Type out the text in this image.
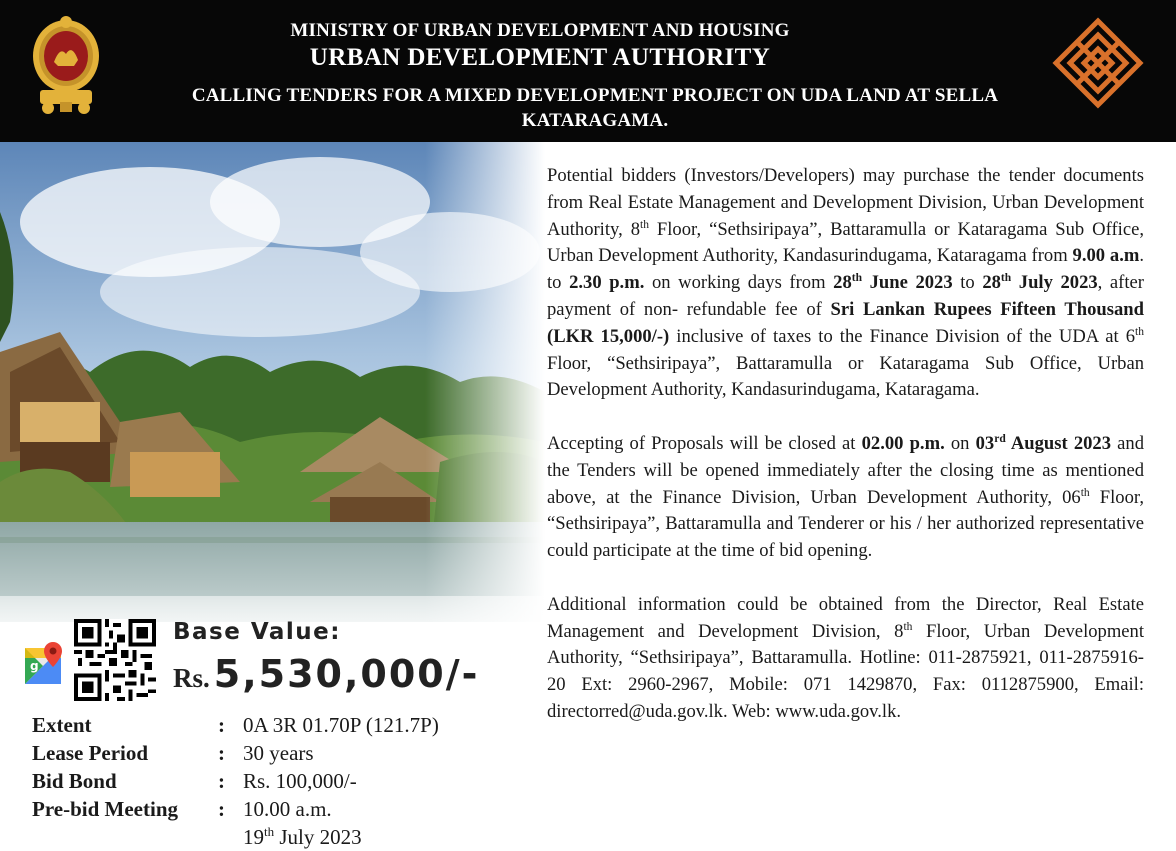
MINISTRY OF URBAN DEVELOPMENT AND HOUSING
URBAN DEVELOPMENT AUTHORITY
CALLING TENDERS FOR A MIXED DEVELOPMENT PROJECT ON UDA LAND AT SELLA KATARAGAMA.
g
Base Value:
Rs. 5,530,000/-
Extent	: 0A 3R 01.70P (121.7P)
Lease Period	: 30 years
Bid Bond	: Rs. 100,000/-
Pre-bid Meeting : 10.00 a.m.
19th July 2023

Potential bidders (Investors/Developers) may purchase the tender documents from Real Estate Management and Development Division, Urban Development Authority, 8th Floor, “Sethsiripaya”, Battaramulla or Kataragama Sub Office, Urban Development Authority, Kandasurindugama, Kataragama from 9.00 a.m. to 2.30 p.m. on working days from 28th June 2023 to 28th July 2023, after payment of non- refundable fee of Sri Lankan Rupees Fifteen Thousand (LKR 15,000/-) inclusive of taxes to the Finance Division of the UDA at 6th Floor, “Sethsiripaya”, Battaramulla or Kataragama Sub Office, Urban Development Authority, Kandasurindugama, Kataragama.

Accepting of Proposals will be closed at 02.00 p.m. on 03rd August 2023 and the Tenders will be opened immediately after the closing time as mentioned above, at the Finance Division, Urban Development Authority, 06th Floor, “Sethsiripaya”, Battaramulla and Tenderer or his / her authorized representative could participate at the time of bid opening.

Additional information could be obtained from the Director, Real Estate Management and Development Division, 8th Floor, Urban Development Authority, “Sethsiripaya”, Battaramulla. Hotline: 011-2875921, 011-2875916-20 Ext: 2960-2967, Mobile: 071 1429870, Fax: 0112875900, Email: directorred@uda.gov.lk. Web: www.uda.gov.lk.
